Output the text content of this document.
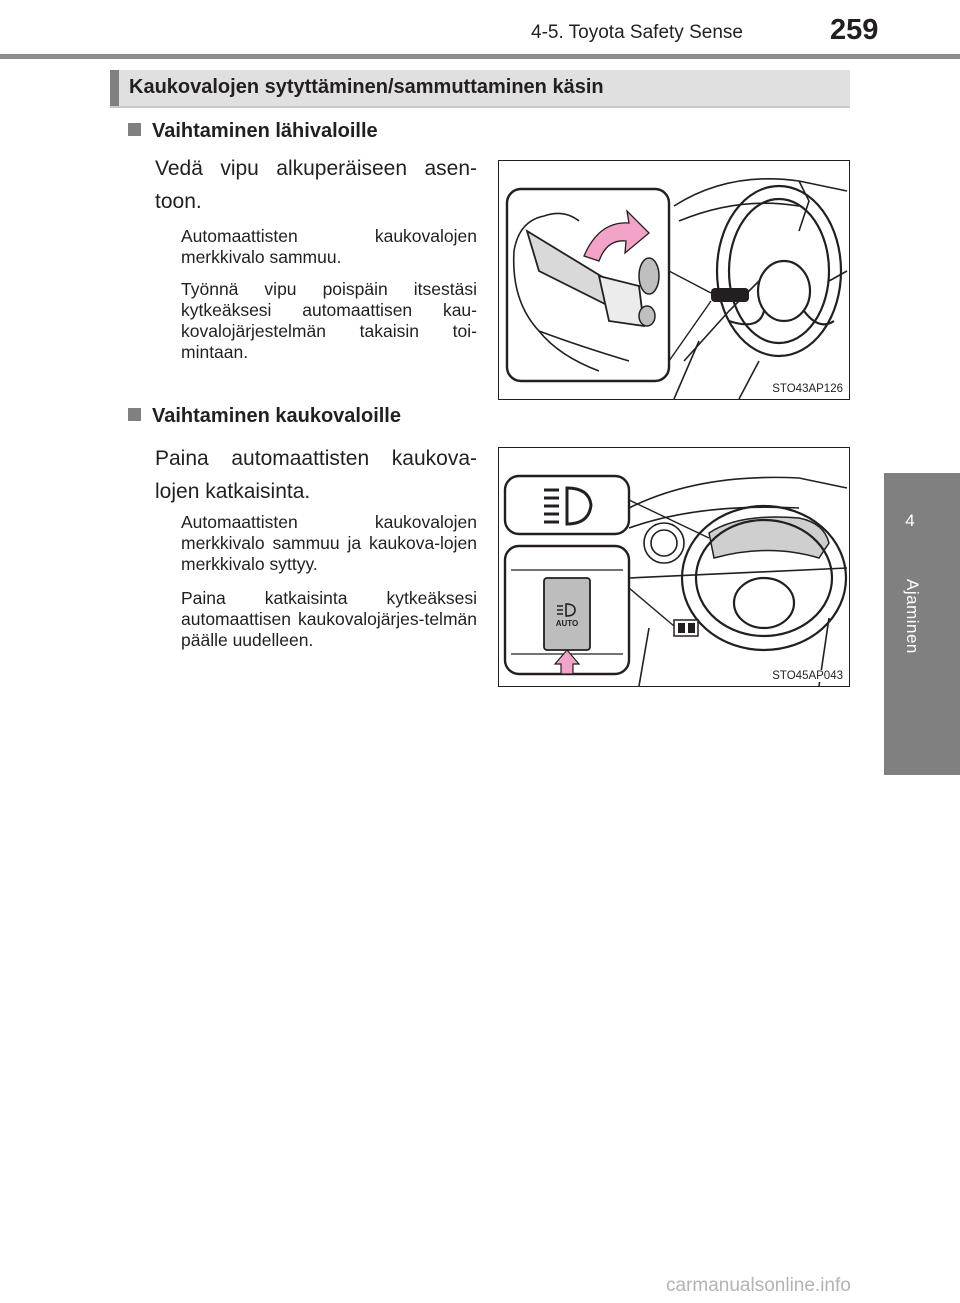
4-5. Toyota Safety Sense	259
4
Ajaminen
Kaukovalojen sytyttäminen/sammuttaminen käsin
Vaihtaminen lähivaloille
Vedä vipu alkuperäiseen asen-toon.
Automaattisten kaukovalojen merkkivalo sammuu.
Työnnä vipu poispäin itsestäsi kytkeäksesi automaattisen kau-kovalojärjestelmän takaisin toi-mintaan.
STO43AP126
Vaihtaminen kaukovaloille
Paina automaattisten kaukova-lojen katkaisinta.
Automaattisten kaukovalojen merkkivalo sammuu ja kaukova-lojen merkkivalo syttyy.
Paina katkaisinta kytkeäksesi automaattisen kaukovalojärjes-telmän päälle uudelleen.
AUTO
STO45AP043
carmanualsonline.info
